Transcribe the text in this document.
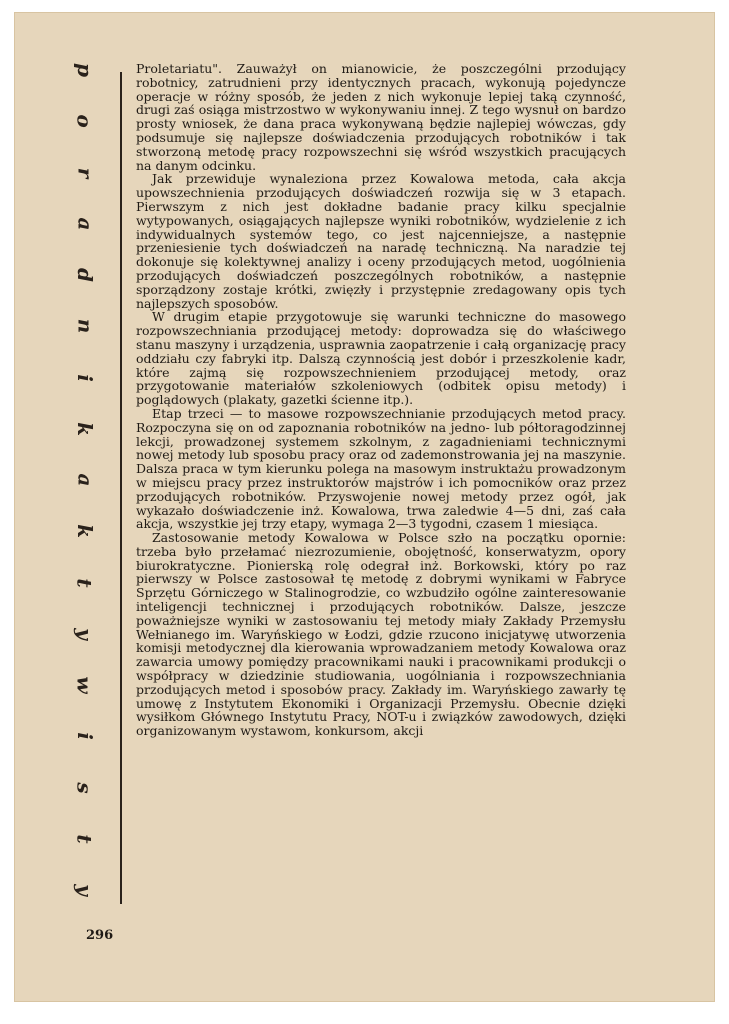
p
o
r
a
d
n
i
k
a
k
t
y
w
i
s
t
y

Proletariatu". Zauważył on mianowicie, że poszczególni przodujący robotnicy, zatrudnieni przy identycznych pracach, wykonują pojedyncze operacje w różny sposób, że jeden z nich wykonuje lepiej taką czynność, drugi zaś osiąga mistrzostwo w wykonywaniu innej. Z tego wysnuł on bardzo prosty wniosek, że dana praca wykonywaną będzie najlepiej wówczas, gdy podsumuje się najlepsze doświadczenia przodujących robotników i tak stworzoną metodę pracy rozpowszechni się wśród wszystkich pracujących na danym odcinku.

Jak przewiduje wynaleziona przez Kowalowa metoda, cała akcja upowszechnienia przodujących doświadczeń rozwija się w 3 etapach. Pierwszym z nich jest dokładne badanie pracy kilku specjalnie wytypowanych, osiągających najlepsze wyniki robotników, wydzielenie z ich indywidualnych systemów tego, co jest najcenniejsze, a następnie przeniesienie tych doświadczeń na naradę techniczną. Na naradzie tej dokonuje się kolektywnej analizy i oceny przodujących metod, uogólnienia przodujących doświadczeń poszczególnych robotników, a następnie sporządzony zostaje krótki, zwięzły i przystępnie zredagowany opis tych najlepszych sposobów.

W drugim etapie przygotowuje się warunki techniczne do masowego rozpowszechniania przodującej metody: doprowadza się do właściwego stanu maszyny i urządzenia, usprawnia zaopatrzenie i całą organizację pracy oddziału czy fabryki itp. Dalszą czynnością jest dobór i przeszkolenie kadr, które zajmą się rozpowszechnieniem przodującej metody, oraz przygotowanie materiałów szkoleniowych (odbitek opisu metody) i poglądowych (plakaty, gazetki ścienne itp.).

Etap trzeci — to masowe rozpowszechnianie przodujących metod pracy. Rozpoczyna się on od zapoznania robotników na jedno- lub półtoragodzinnej lekcji, prowadzonej systemem szkolnym, z zagadnieniami technicznymi nowej metody lub sposobu pracy oraz od zademonstrowania jej na maszynie. Dalsza praca w tym kierunku polega na masowym instruktażu prowadzonym w miejscu pracy przez instruktorów majstrów i ich pomocników oraz przez przodujących robotników. Przyswojenie nowej metody przez ogół, jak wykazało doświadczenie inż. Kowalowa, trwa zaledwie 4—5 dni, zaś cała akcja, wszystkie jej trzy etapy, wymaga 2—3 tygodni, czasem 1 miesiąca.

Zastosowanie metody Kowalowa w Polsce szło na początku opornie: trzeba było przełamać niezrozumienie, obojętność, konserwatyzm, opory biurokratyczne. Pionierską rolę odegrał inż. Borkowski, który po raz pierwszy w Polsce zastosował tę metodę z dobrymi wynikami w Fabryce Sprzętu Górniczego w Stalinogrodzie, co wzbudziło ogólne zainteresowanie inteligencji technicznej i przodujących robotników. Dalsze, jeszcze poważniejsze wyniki w zastosowaniu tej metody miały Zakłady Przemysłu Wełnianego im. Waryńskiego w Łodzi, gdzie rzucono inicjatywę utworzenia komisji metodycznej dla kierowania wprowadzaniem metody Kowalowa oraz zawarcia umowy pomiędzy pracownikami nauki i pracownikami produkcji o współpracy w dziedzinie studiowania, uogólniania i rozpowszechniania przodujących metod i sposobów pracy. Zakłady im. Waryńskiego zawarły tę umowę z Instytutem Ekonomiki i Organizacji Przemysłu. Obecnie dzięki wysiłkom Głównego Instytutu Pracy, NOT-u i związków zawodowych, dzięki organizowanym wystawom, konkursom, akcji

296
